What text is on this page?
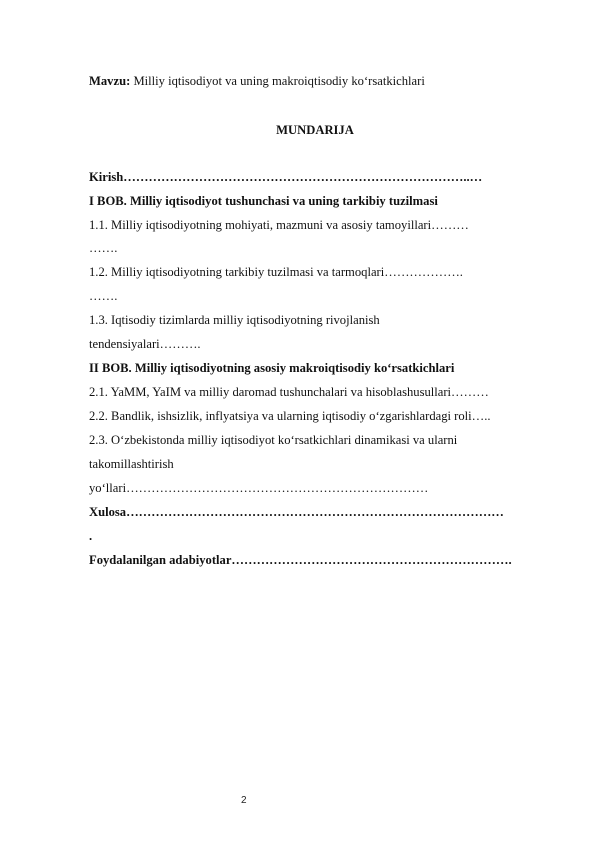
Mavzu: Milliy iqtisodiyot va uning makroiqtisodiy ko‘rsatkichlari
MUNDARIJA
Kirish………………………………………………………………………..…
I BOB. Milliy iqtisodiyot tushunchasi va uning tarkibiy tuzilmasi
1.1. Milliy iqtisodiyotning mohiyati, mazmuni va asosiy tamoyillari………
…….
1.2. Milliy iqtisodiyotning tarkibiy tuzilmasi va tarmoqlari……………….
…….
1.3. Iqtisodiy tizimlarda milliy iqtisodiyotning rivojlanish
tendensiyalari……….
II BOB. Milliy iqtisodiyotning asosiy makroiqtisodiy ko‘rsatkichlari
2.1. YaMM, YaIM va milliy daromad tushunchalari va hisoblashusullari………
2.2. Bandlik, ishsizlik, inflyatsiya va ularning iqtisodiy o‘zgarishlardagi roli…..
2.3. O‘zbekistonda milliy iqtisodiyot ko‘rsatkichlari dinamikasi va ularni
takomillashtirish
yo‘llari………………………………………………………………
Xulosa………………………………………………………………………………
.
Foydalanilgan adabiyotlar………………………………………………………….
2
